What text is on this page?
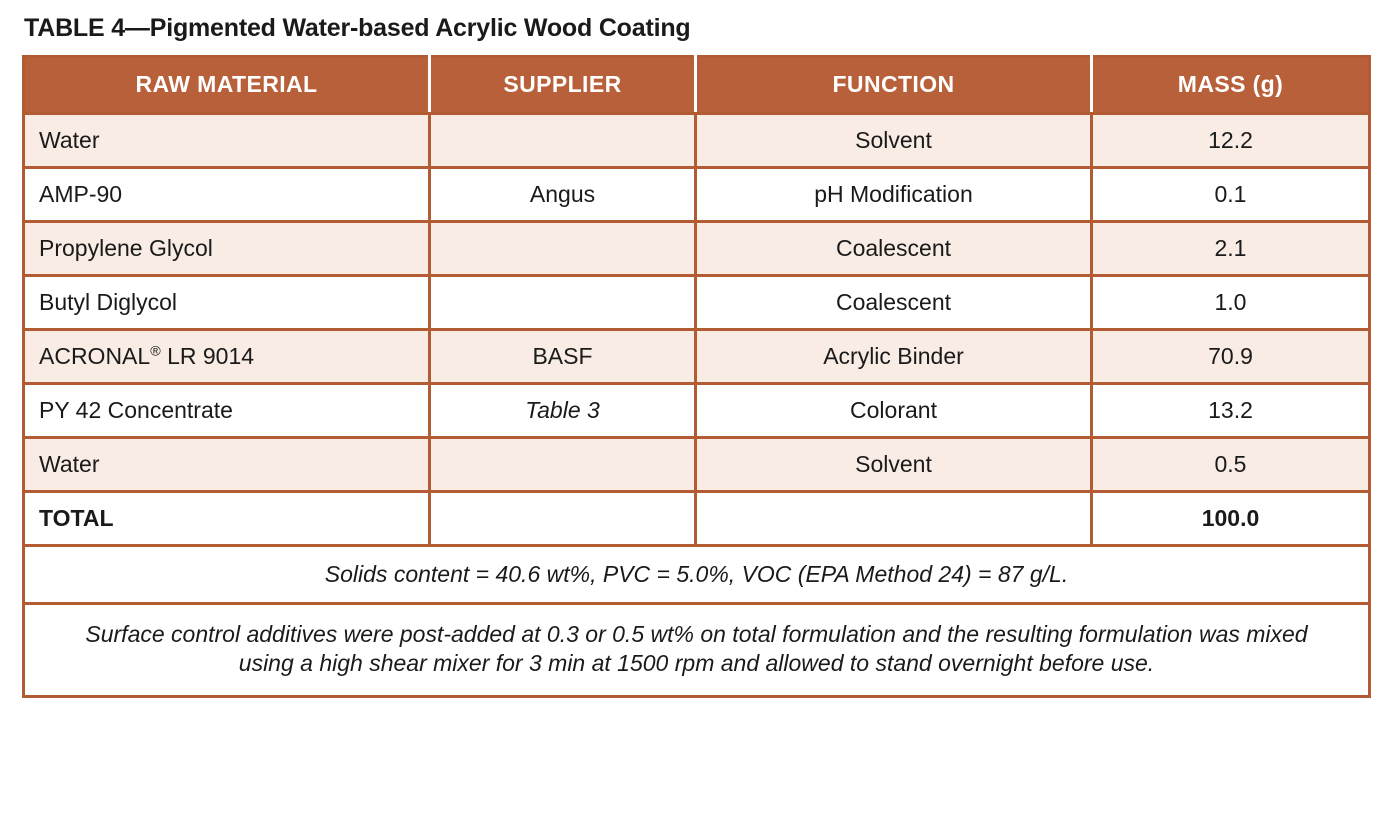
TABLE 4—Pigmented Water-based Acrylic Wood Coating
RAW MATERIAL	SUPPLIER	FUNCTION	MASS (g)
Water		Solvent	12.2
AMP-90	Angus	pH Modification	0.1
Propylene Glycol		Coalescent	2.1
Butyl Diglycol		Coalescent	1.0
ACRONAL® LR 9014	BASF	Acrylic Binder	70.9
PY 42 Concentrate	Table 3	Colorant	13.2
Water		Solvent	0.5
TOTAL			100.0
Solids content = 40.6 wt%, PVC = 5.0%, VOC (EPA Method 24) = 87 g/L.			
Surface control additives were post-added at 0.3 or 0.5 wt% on total formulation and the resulting formulation was mixed using a high shear mixer for 3 min at 1500 rpm and allowed to stand overnight before use.			
